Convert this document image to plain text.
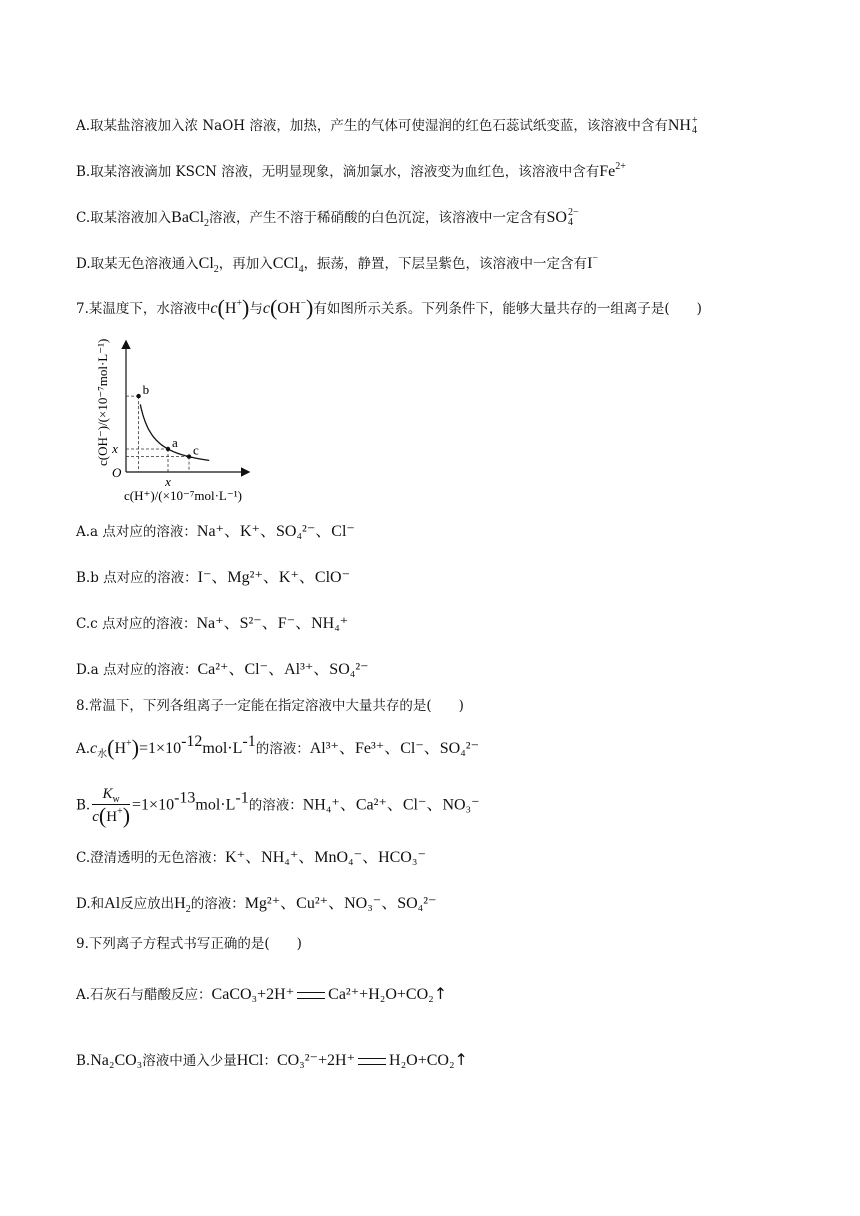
A.取某盐溶液加入浓 NaOH 溶液，加热，产生的气体可使湿润的红色石蕊试纸变蓝，该溶液中含有NH +
4
B.取某溶液滴加 KSCN 溶液，无明显现象，滴加氯水，溶液变为血红色，该溶液中含有$Fe^{2+}$
C.取某溶液加入BaCl$_2$溶液，产生不溶于稀硝酸的白色沉淀，该溶液中一定含有SO 2−
4
D.取某无色溶液通入$Cl_2$，再加入CCl$_4$，振荡，静置，下层呈紫色，该溶液中一定含有I−
7.某温度下，水溶液中c(H+)与c(OH−)有如图所示关系。下列条件下，能够大量共存的一组离子是(　　)
b
a
c
O
x
x
c(H⁺)/(×10⁻⁷mol·L⁻¹)
c(OH⁻)/(×10⁻⁷mol·L⁻¹)
A.a 点对应的溶液：Na⁺、K⁺、SO₄²⁻、Cl⁻
B.b 点对应的溶液：I⁻、Mg²⁺、K⁺、ClO⁻
C.c 点对应的溶液：Na⁺、S²⁻、F⁻、NH₄⁺
D.a 点对应的溶液：Ca²⁺、Cl⁻、Al³⁺、SO₄²⁻
8.常温下，下列各组离子一定能在指定溶液中大量共存的是(　　)
$A.c_水(H^+)=1\times 10^{-12}mol\cdot L^{-1}$的溶液：Al³⁺、Fe³⁺、Cl⁻、SO₄²⁻
B. $\frac{K_w}{c(H^+)} =1\times 10^{-13}mol\cdot L^{-1}$的溶液：NH₄⁺、Ca²⁺、Cl⁻、NO₃⁻
C.澄清透明的无色溶液：K⁺、NH₄⁺、MnO₄⁻、HCO₃⁻
D.和Al反应放出$H_2$的溶液：Mg²⁺、Cu²⁺、NO₃⁻、SO₄²⁻
9.下列离子方程式书写正确的是(　　)
A.石灰石与醋酸反应：CaCO₃+2H⁺ Ca²⁺+H₂O+CO₂↑
B.Na₂CO₃溶液中通入少量HCl：CO₃²⁻+2H⁺ H₂O+CO₂↑
